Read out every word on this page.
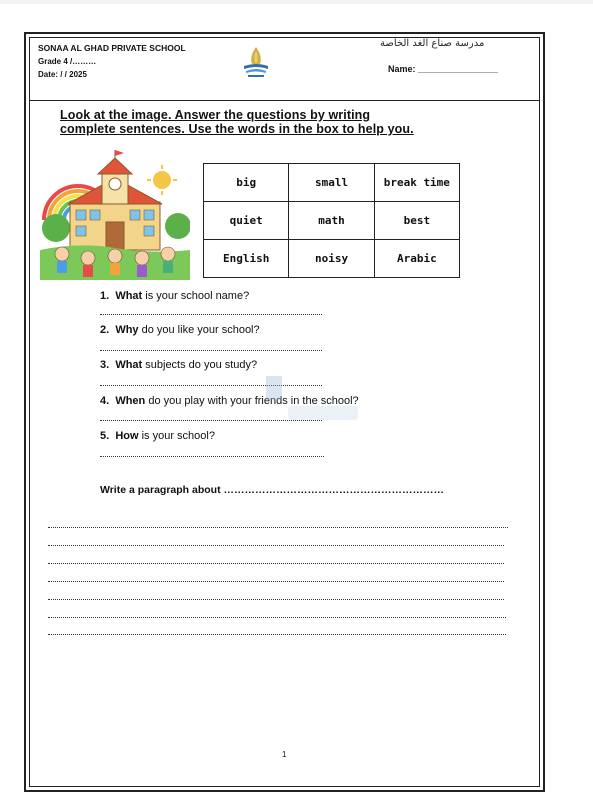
SONAA AL GHAD PRIVATE SCHOOL
Grade 4 /………
Date: / / 2025
مدرسة صناع الغد الخاصة
Name: ________________
Look at the image. Answer the questions by writing
complete sentences. Use the words in the box to help you.
big	small	break time
quiet	math	best
English	noisy	Arabic
1. What is your school name?
2. Why do you like your school?
3. What subjects do you study?
4. When do you play with your friends in the school?
5. How is your school?
Write a paragraph about ………………………………………………………
1
